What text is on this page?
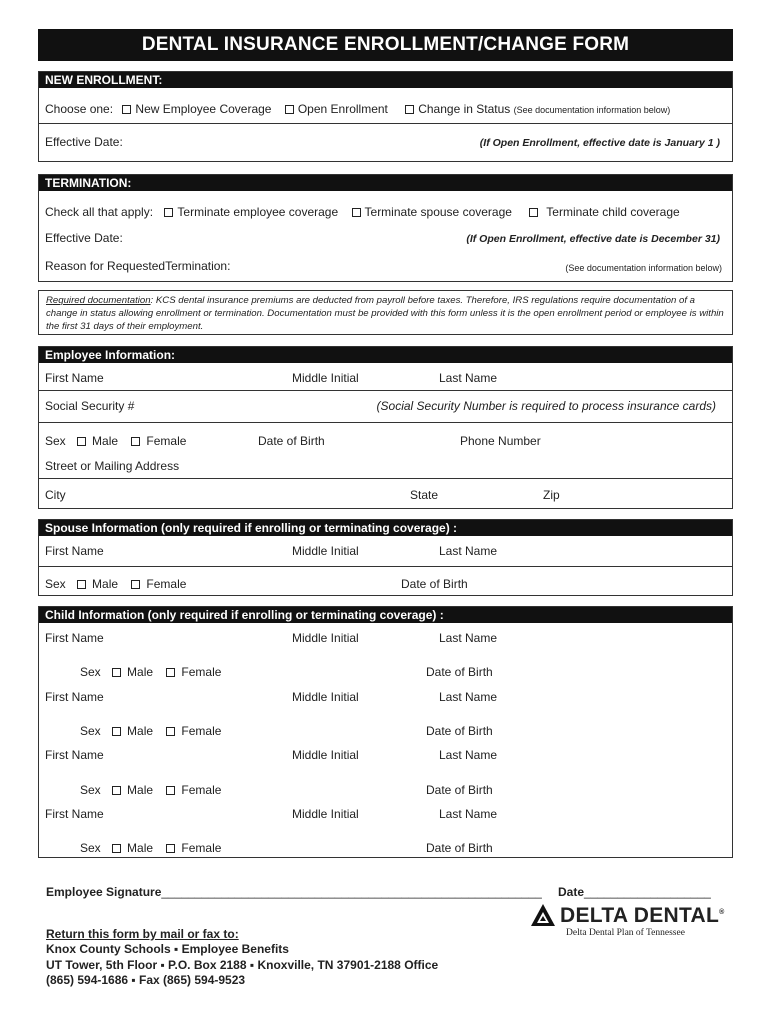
DENTAL INSURANCE ENROLLMENT/CHANGE FORM
NEW ENROLLMENT:
Choose one: New Employee Coverage Open Enrollment	Change in Status (See documentation information below)
Effective Date:	(If Open Enrollment, effective date is January 1 )
TERMINATION:
Check all that apply: Terminate employee coverage Terminate spouse coverage	Terminate child coverage
Effective Date:	(If Open Enrollment, effective date is December 31)
Reason for RequestedTermination:	(See documentation information below)
Required documentation: KCS dental insurance premiums are deducted from payroll before taxes. Therefore, IRS regulations require documentation of a change in status allowing enrollment or termination. Documentation must be provided with this form unless it is the open enrollment period or employee is within the first 31 days of their employment.
Employee Information:
First Name	Middle Initial	Last Name
Social Security #	(Social Security Number is required to process insurance cards)
Sex Male Female	Date of Birth	Phone Number
Street or Mailing Address
City	State	Zip
Spouse Information (only required if enrolling or terminating coverage) :
First Name	Middle Initial	Last Name
Sex Male Female	Date of Birth
Child Information (only required if enrolling or terminating coverage) :
First Name	Middle Initial	Last Name
Sex Male Female	Date of Birth
First Name	Middle Initial	Last Name
Sex Male Female	Date of Birth
First Name	Middle Initial	Last Name
Sex Male Female	Date of Birth
First Name	Middle Initial	Last Name
Sex Male Female	Date of Birth
Employee Signature_________________________________________________________ Date___________________
DELTA DENTAL®
Delta Dental Plan of Tennessee
Return this form by mail or fax to:
Knox County Schools ▪ Employee Benefits
UT Tower, 5th Floor ▪ P.O. Box 2188 ▪ Knoxville, TN 37901-2188 Office
(865) 594-1686 ▪ Fax (865) 594-9523
